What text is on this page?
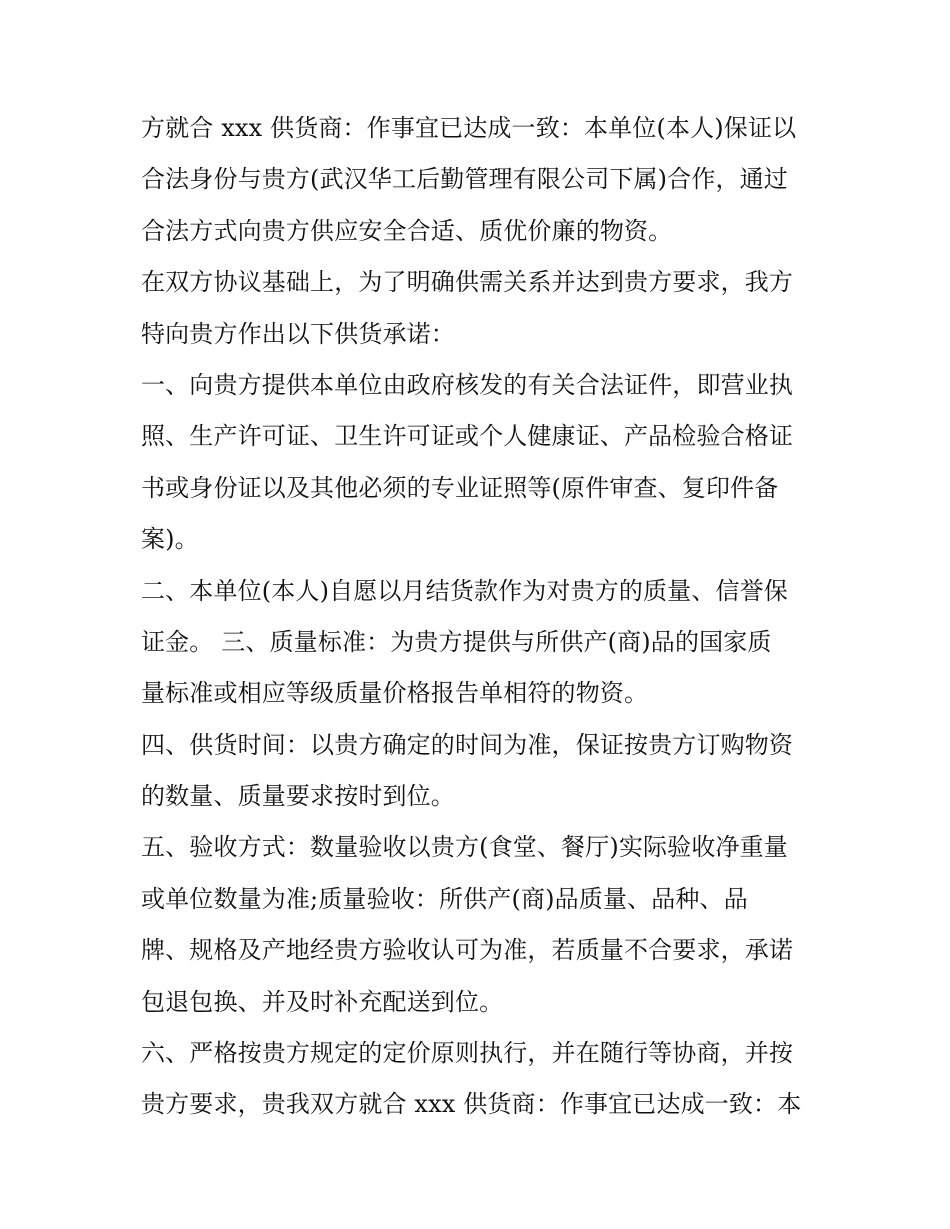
方就合 xxx 供货商：作事宜已达成一致：本单位(本人)保证以
合法身份与贵方(武汉华工后勤管理有限公司下属)合作，通过
合法方式向贵方供应安全合适、质优价廉的物资。
在双方协议基础上，为了明确供需关系并达到贵方要求，我方
特向贵方作出以下供货承诺：
一、向贵方提供本单位由政府核发的有关合法证件，即营业执
照、生产许可证、卫生许可证或个人健康证、产品检验合格证
书或身份证以及其他必须的专业证照等(原件审查、复印件备
案)。
二、本单位(本人)自愿以月结货款作为对贵方的质量、信誉保
证金。 三、质量标准：为贵方提供与所供产(商)品的国家质
量标准或相应等级质量价格报告单相符的物资。
四、供货时间：以贵方确定的时间为准，保证按贵方订购物资
的数量、质量要求按时到位。
五、验收方式：数量验收以贵方(食堂、餐厅)实际验收净重量
或单位数量为准;质量验收：所供产(商)品质量、品种、品
牌、规格及产地经贵方验收认可为准，若质量不合要求，承诺
包退包换、并及时补充配送到位。
六、严格按贵方规定的定价原则执行，并在随行等协商，并按
贵方要求，贵我双方就合 xxx 供货商：作事宜已达成一致：本
